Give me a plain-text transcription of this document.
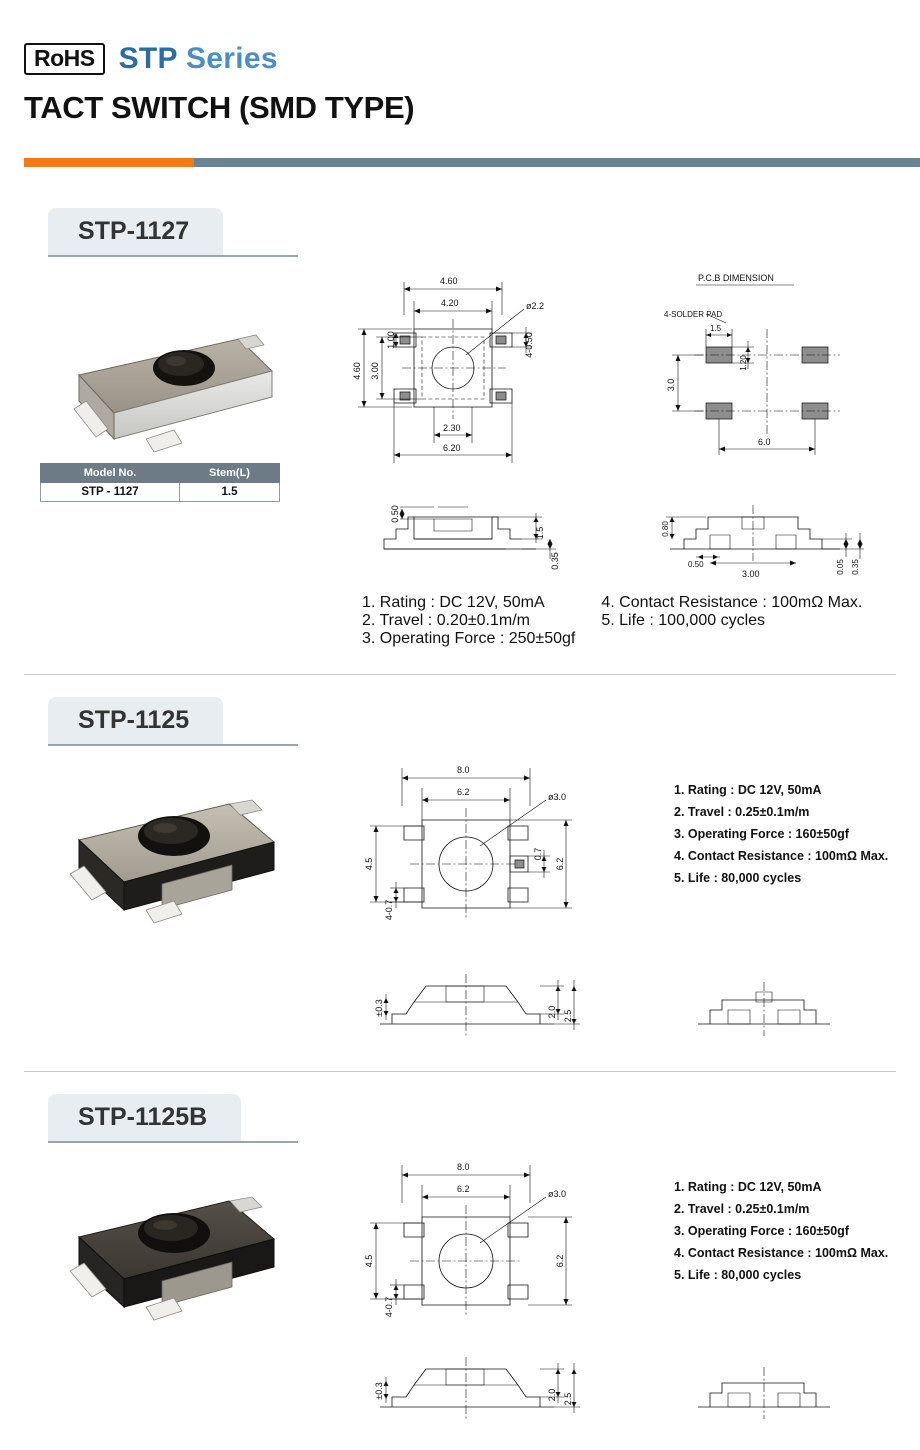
RoHS STP Series
TACT SWITCH (SMD TYPE)
STP-1127
Model No.	Stem(L)
STP - 1127	1.5
4.60
4.20	ø2.2
4.60 3.00
1.00	4-0.50
2.30
6.20
0.50
1.5
0.35
P.C.B DIMENSION
4-SOLDER PAD
1.5
1.20
3.0
6.0
0.80
0.50
3.00	0.05 0.35
1. Rating : DC 12V, 50mA
2. Travel : 0.20±0.1m/m
3. Operating Force : 250±50gf
4. Contact Resistance : 100mΩ Max.
5. Life : 100,000 cycles
STP-1125
8.0
6.2	ø3.0
4.5
4-0.7
0.7
6.2
±0.3	2.0 2.5
1. Rating : DC 12V, 50mA
2. Travel : 0.25±0.1m/m
3. Operating Force : 160±50gf
4. Contact Resistance : 100mΩ Max.
5. Life : 80,000 cycles
STP-1125B
8.0
6.2	ø3.0
4.5
4-0.7
6.2
±0.3	2.0 2.5
1. Rating : DC 12V, 50mA
2. Travel : 0.25±0.1m/m
3. Operating Force : 160±50gf
4. Contact Resistance : 100mΩ Max.
5. Life : 80,000 cycles
